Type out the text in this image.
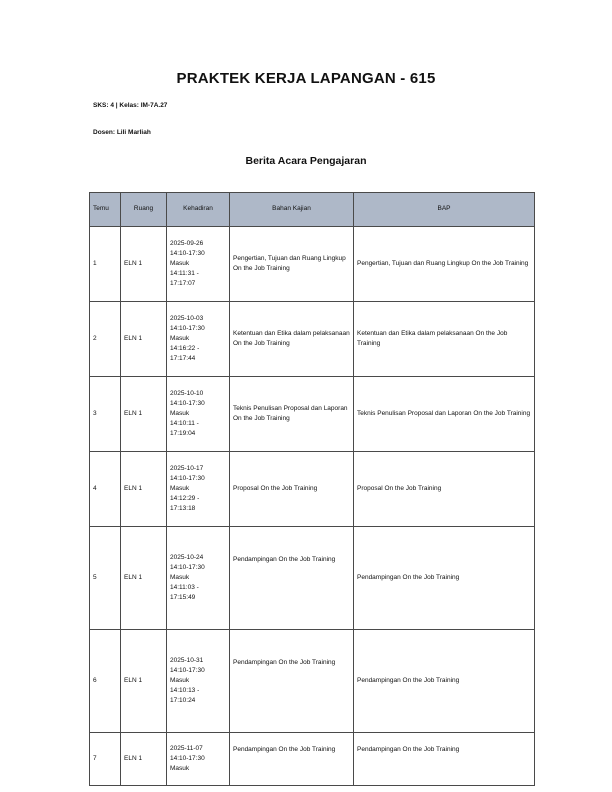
PRAKTEK KERJA LAPANGAN - 615
SKS: 4 | Kelas: IM-7A.27
Dosen: Lili Marliah
Berita Acara Pengajaran
Temu	Ruang	Kehadiran	Bahan Kajian	BAP
1	ELN 1	2025-09-26
14:10-17:30
Masuk
14:11:31 -
17:17:07	Pengertian, Tujuan dan Ruang Lingkup On the Job Training	Pengertian, Tujuan dan Ruang Lingkup On the Job Training
2	ELN 1	2025-10-03
14:10-17:30
Masuk
14:16:22 -
17:17:44	Ketentuan dan Etika dalam pelaksanaan On the Job Training	Ketentuan dan Etika dalam pelaksanaan On the Job Training
3	ELN 1	2025-10-10
14:10-17:30
Masuk
14:10:11 -
17:19:04	Teknis Penulisan Proposal dan Laporan On the Job Training	Teknis Penulisan Proposal dan Laporan On the Job Training
4	ELN 1	2025-10-17
14:10-17:30
Masuk
14:12:29 -
17:13:18	Proposal On the Job Training	Proposal On the Job Training
5	ELN 1	2025-10-24
14:10-17:30
Masuk
14:11:03 -
17:15:49	Pendampingan On the Job Training	Pendampingan On the Job Training
6	ELN 1	2025-10-31
14:10-17:30
Masuk
14:10:13 -
17:10:24	Pendampingan On the Job Training	Pendampingan On the Job Training
7	ELN 1	2025-11-07
14:10-17:30
Masuk	Pendampingan On the Job Training	Pendampingan On the Job Training
